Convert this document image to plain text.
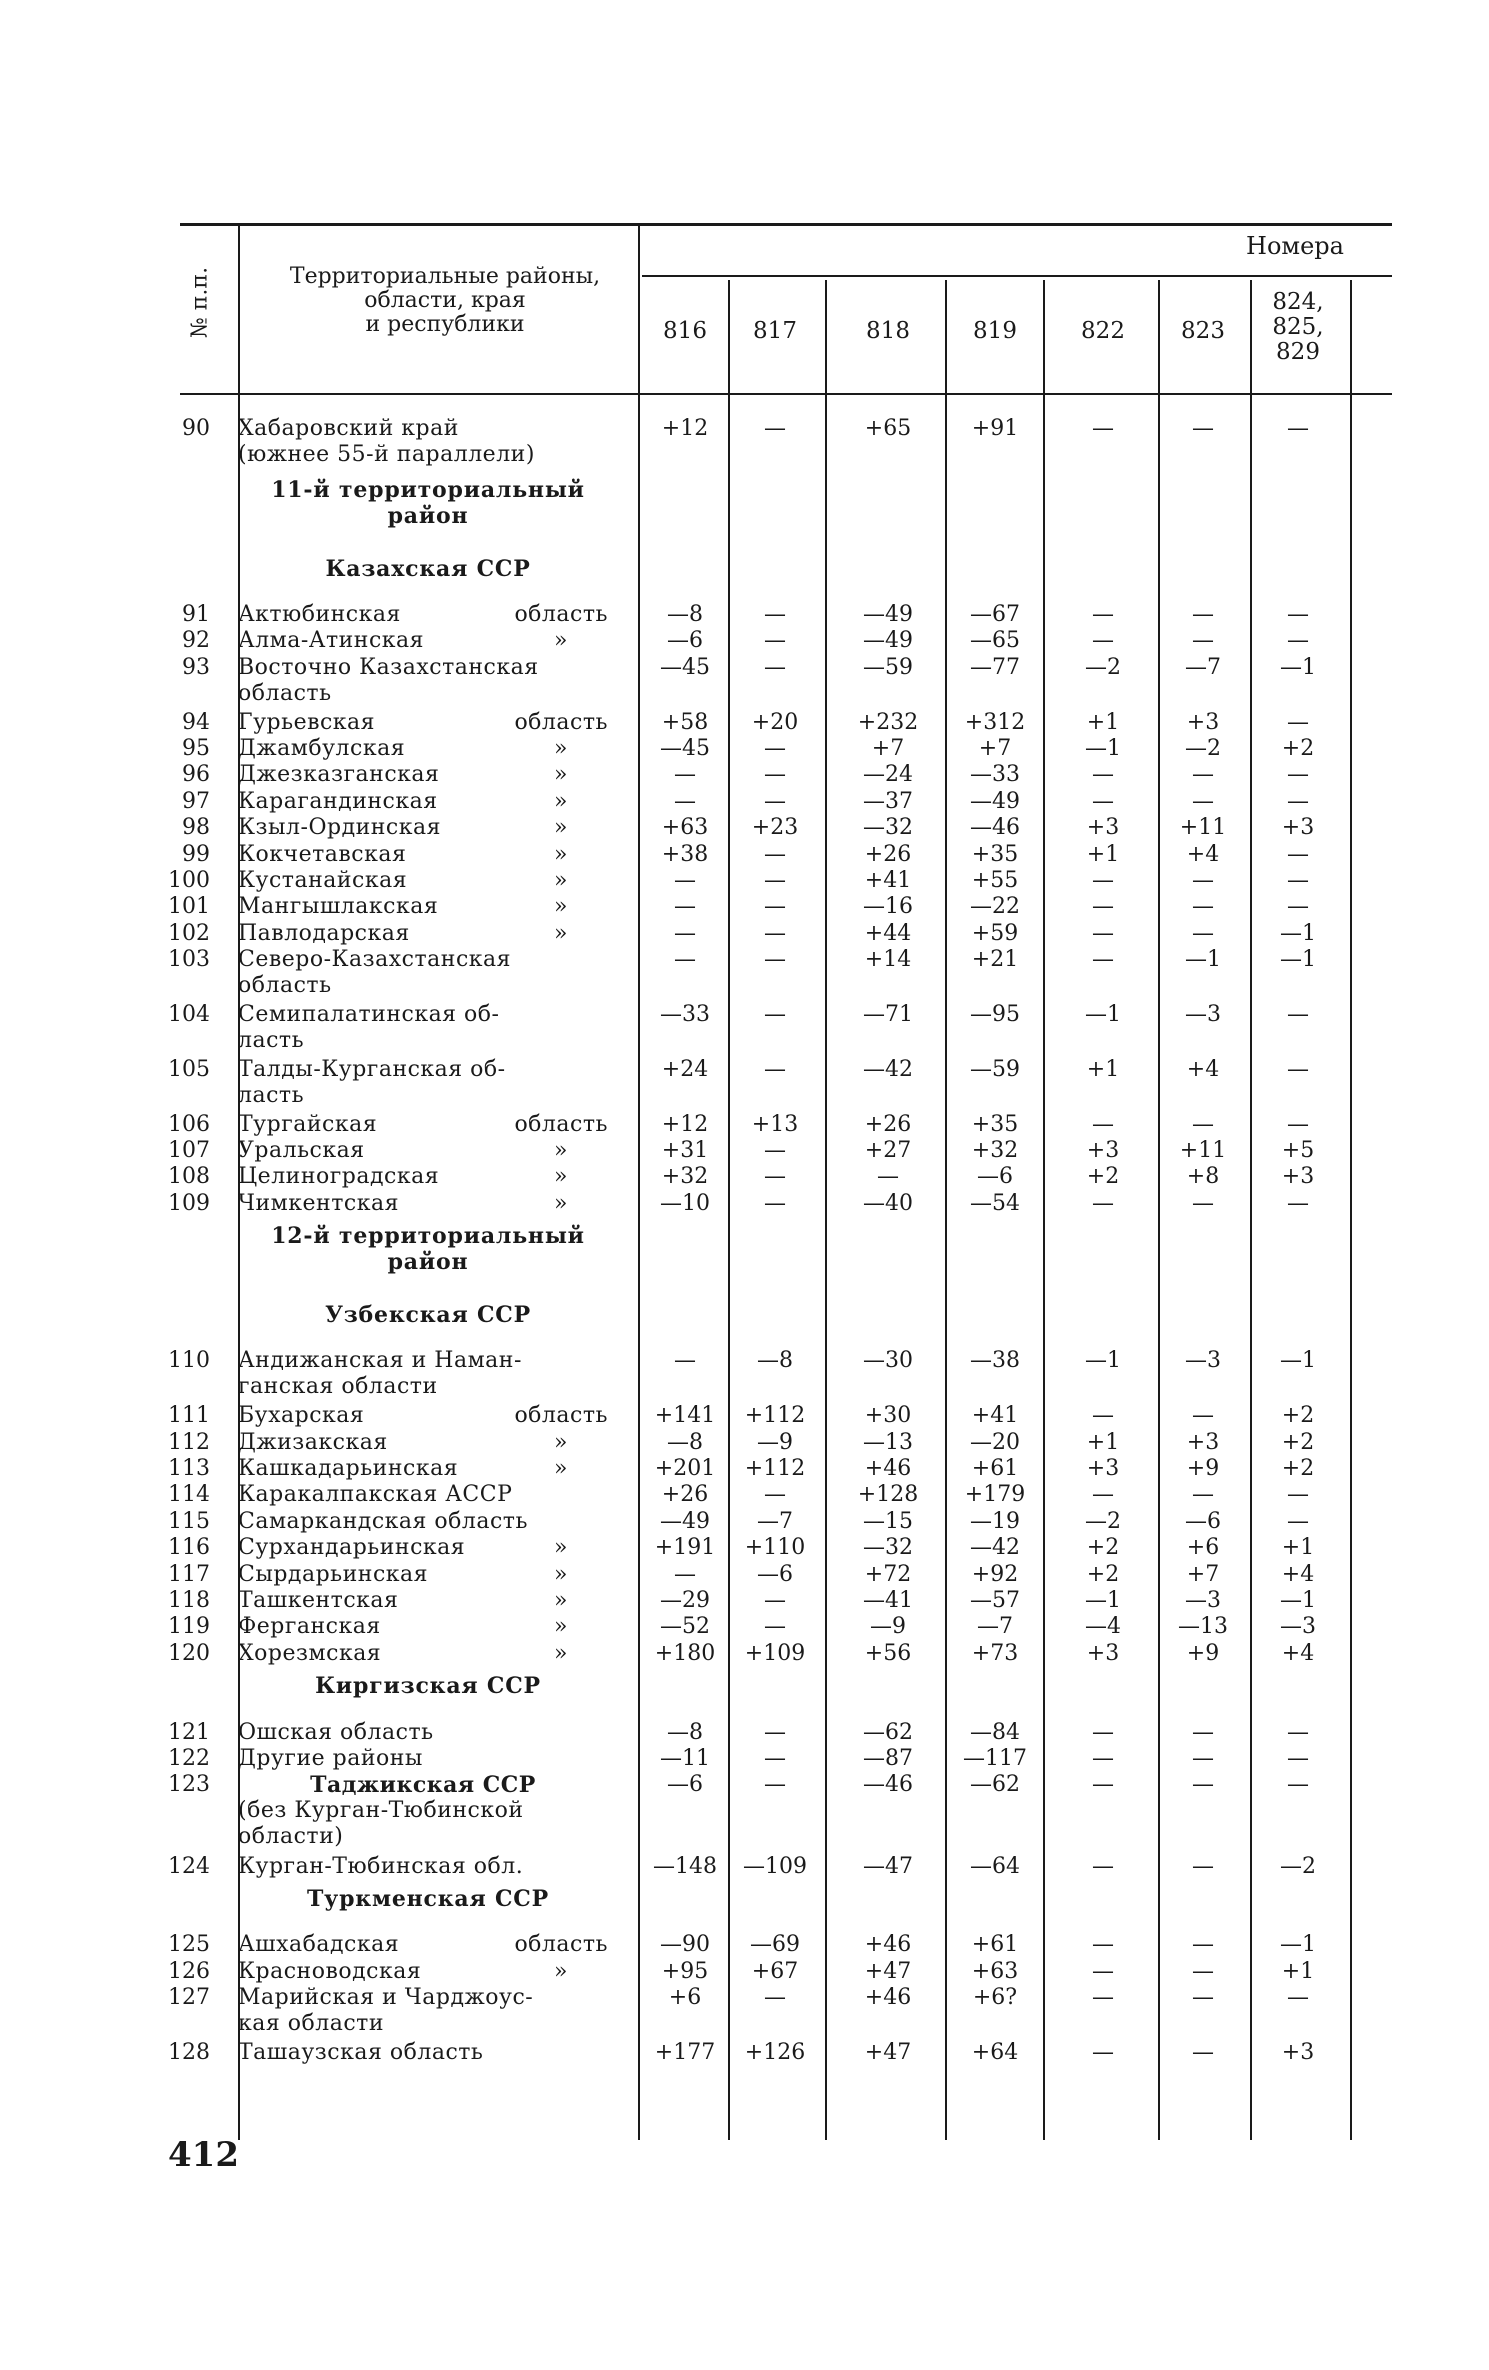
№ п.п.	Территориальные районы,
области, края
и республики
Номера
816	817	818	819	822	823
824,
825,
829
90 Хабаровский край
(южнее 55-й параллели)
+12	—	+65	+91	—	—	—
11-й территориальный
район
Казахская ССР
91 Актюбинская	область	—8	—	—49	—67	—	—	—
92 Алма-Атинская	»	—6	—	—49	—65	—	—	—
93 Восточно Казахстанская
область
—45	—	—59	—77	—2	—7	—1
94 Гурьевская	область	+58	+20	+232	+312	+1	+3	—
95 Джамбулская	»	—45	—	+7	+7	—1	—2	+2
96 Джезказганская	»	—	—	—24	—33	—	—	—
97 Карагандинская	»	—	—	—37	—49	—	—	—
98 Кзыл-Ординская	»	+63	+23	—32	—46	+3	+11	+3
99 Кокчетавская	»	+38	—	+26	+35	+1	+4	—
100 Кустанайская	»	—	—	+41	+55	—	—	—
101 Мангышлакская	»	—	—	—16	—22	—	—	—
102 Павлодарская	»	—	—	+44	+59	—	—	—1
103 Северо-Казахстанская
область
—	—	+14	+21	—	—1	—1
104 Семипалатинская об-
ласть
—33	—	—71	—95	—1	—3	—
105 Талды-Курганская об-
ласть
+24	—	—42	—59	+1	+4	—
106 Тургайская	область	+12	+13	+26	+35	—	—	—
107 Уральская	»	+31	—	+27	+32	+3	+11	+5
108 Целиноградская	»	+32	—	—	—6	+2	+8	+3
109 Чимкентская	»	—10	—	—40	—54	—	—	—
12-й территориальный
район
Узбекская ССР
110 Андижанская и Наман-
ганская области
—	—8	—30	—38	—1	—3	—1
111 Бухарская	область	+141	+112	+30	+41	—	—	+2
112 Джизакская	»	—8	—9	—13	—20	+1	+3	+2
113 Кашкадарьинская	»	+201	+112	+46	+61	+3	+9	+2
114 Каракалпакская АССР	+26	—	+128	+179	—	—	—
115 Самаркандская область	—49	—7	—15	—19	—2	—6	—
116 Сурхандарьинская	»	+191	+110	—32	—42	+2	+6	+1
117 Сырдарьинская	»	—	—6	+72	+92	+2	+7	+4
118 Ташкентская	»	—29	—	—41	—57	—1	—3	—1
119 Ферганская	»	—52	—	—9	—7	—4	—13	—3
120 Хорезмская	»	+180	+109	+56	+73	+3	+9	+4
Киргизская ССР
121 Ошская область	—8	—	—62	—84	—	—	—
122 Другие районы	—11	—	—87	—117	—	—	—
123	Таджикская ССР
(без Курган-Тюбинской
области)
—6	—	—46	—62	—	—	—
124 Курган-Тюбинская обл.	—148	—109	—47	—64	—	—	—2
Туркменская ССР
125 Ашхабадская	область	—90	—69	+46	+61	—	—	—1
126 Красноводская	»	+95	+67	+47	+63	—	—	+1
127 Марийская и Чарджоус-
кая области
+6	—	+46	+6?	—	—	—
128 Ташаузская область	+177	+126	+47	+64	—	—	+3
412
